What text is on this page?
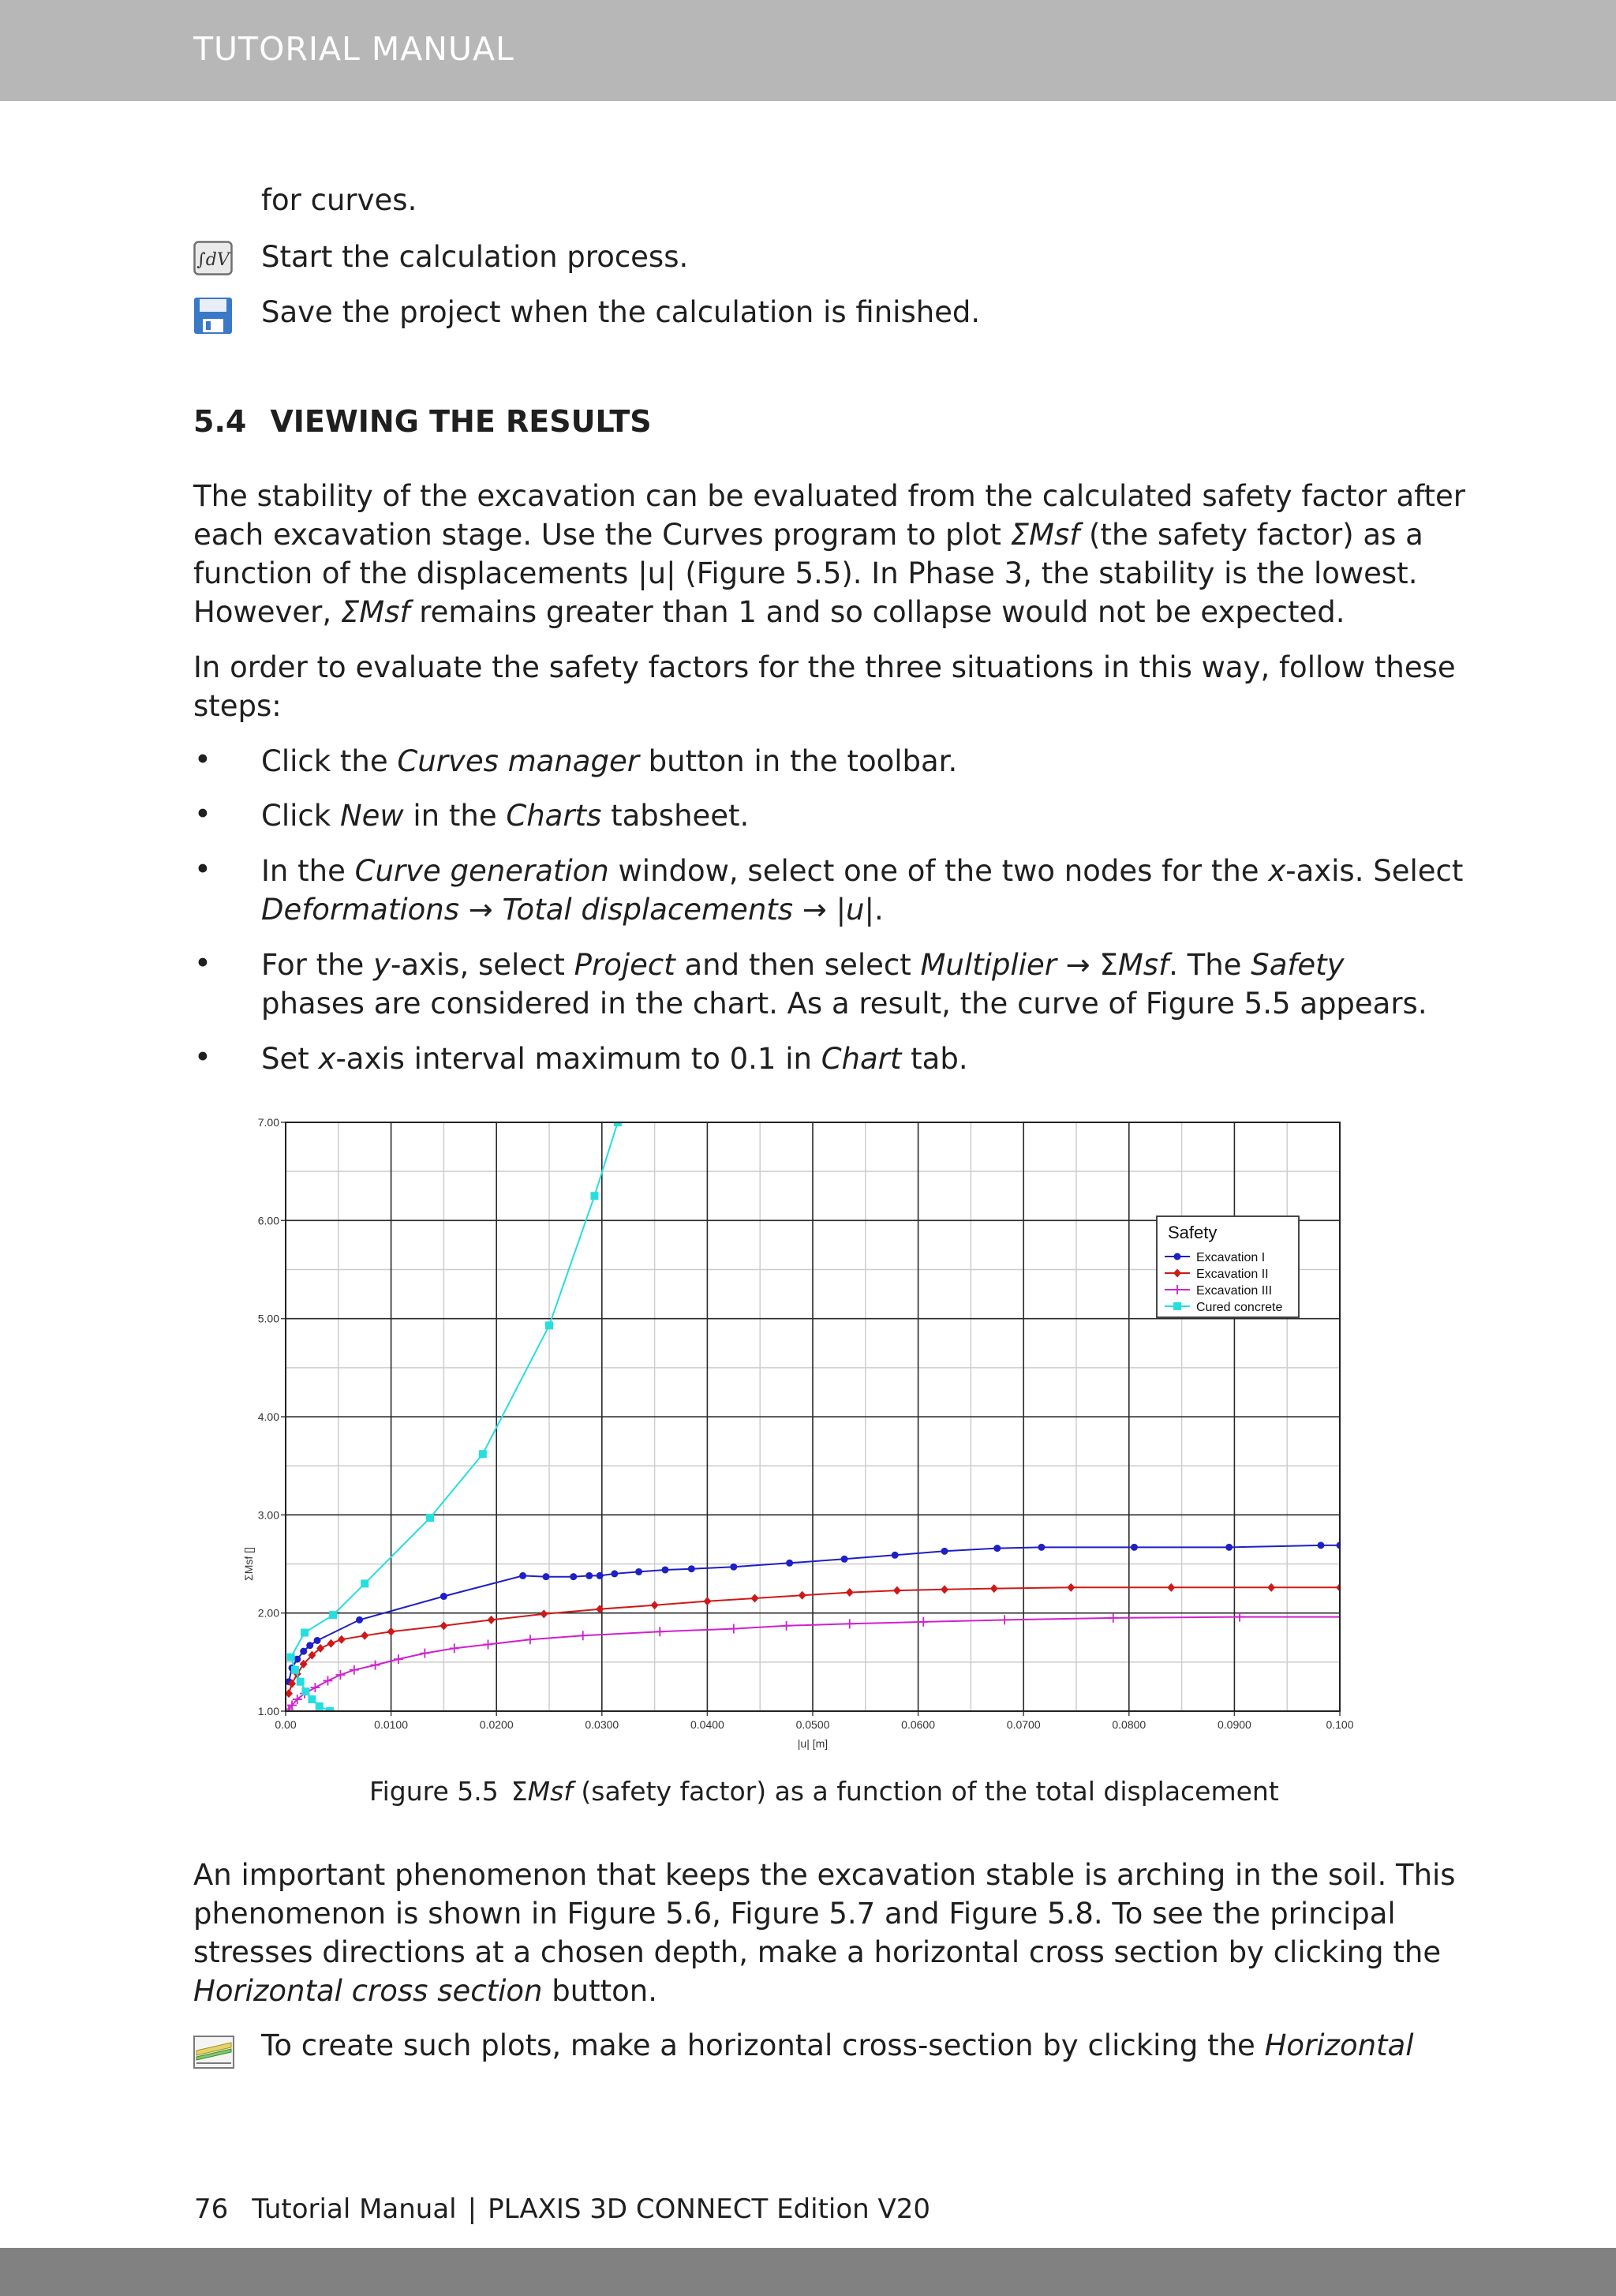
TUTORIAL MANUAL
for curves.
∫dV Start the calculation process.
Save the project when the calculation is finished.
5.4 VIEWING THE RESULTS
The stability of the excavation can be evaluated from the calculated safety factor after
each excavation stage. Use the Curves program to plot ΣMsf (the safety factor) as a
function of the displacements |u| (Figure 5.5). In Phase 3, the stability is the lowest.
However, ΣMsf remains greater than 1 and so collapse would not be expected.
In order to evaluate the safety factors for the three situations in this way, follow these
steps:
• Click the Curves manager button in the toolbar.
• Click New in the Charts tabsheet.
• In the Curve generation window, select one of the two nodes for the x-axis. Select
Deformations → Total displacements → |u|.
• For the y-axis, select Project and then select Multiplier → ΣMsf. The Safety
phases are considered in the chart. As a result, the curve of Figure 5.5 appears.
• Set x-axis interval maximum to 0.1 in Chart tab.
0.00	0.0100	0.0200	0.0300	0.0400	0.0500	0.0600	0.0700	0.0800	0.0900	0.100
1.00
2.00
3.00
4.00
5.00
6.00
7.00
|u| [m]
ΣMsf []
Safety
Excavation I
Excavation II
Excavation III
Cured concrete
Figure 5.5 ΣMsf (safety factor) as a function of the total displacement
An important phenomenon that keeps the excavation stable is arching in the soil. This
phenomenon is shown in Figure 5.6, Figure 5.7 and Figure 5.8. To see the principal
stresses directions at a chosen depth, make a horizontal cross section by clicking the
Horizontal cross section button.
To create such plots, make a horizontal cross-section by clicking the Horizontal
76 Tutorial Manual | PLAXIS 3D CONNECT Edition V20
